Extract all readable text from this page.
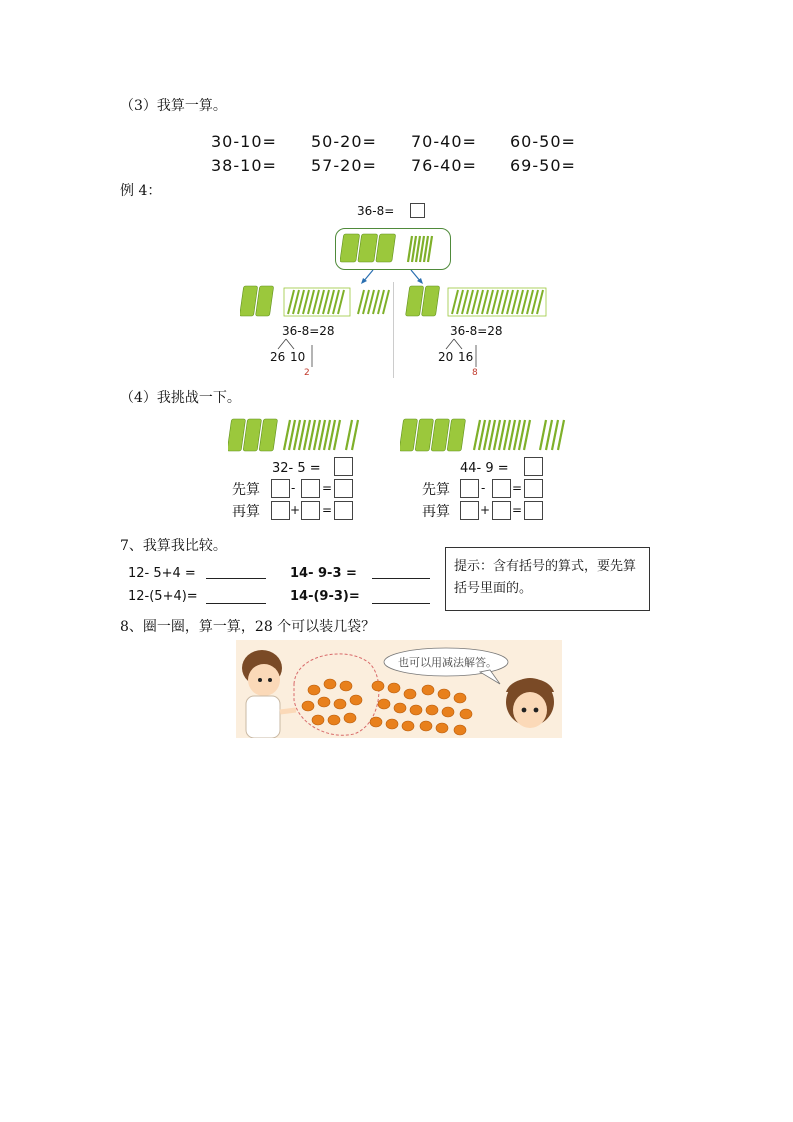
（3）我算一算。
30-10= 50-20= 70-40= 60-50=
38-10= 57-20= 76-40= 69-50=
例 4：
36-8=
36-8=28
26 10
2
36-8=28
20 16
8
（4）我挑战一下。
32- 5 =
先算	- =
再算	+ =
44- 9 =
先算	- =
再算	+ =
7、我算我比较。
12- 5+4 =	14- 9-3 =
12-(5+4)=	14-(9-3)=
提示：含有括号的算式，要先算括号里面的。
8、圈一圈，算一算，28 个可以装几袋？
也可以用减法解答。
